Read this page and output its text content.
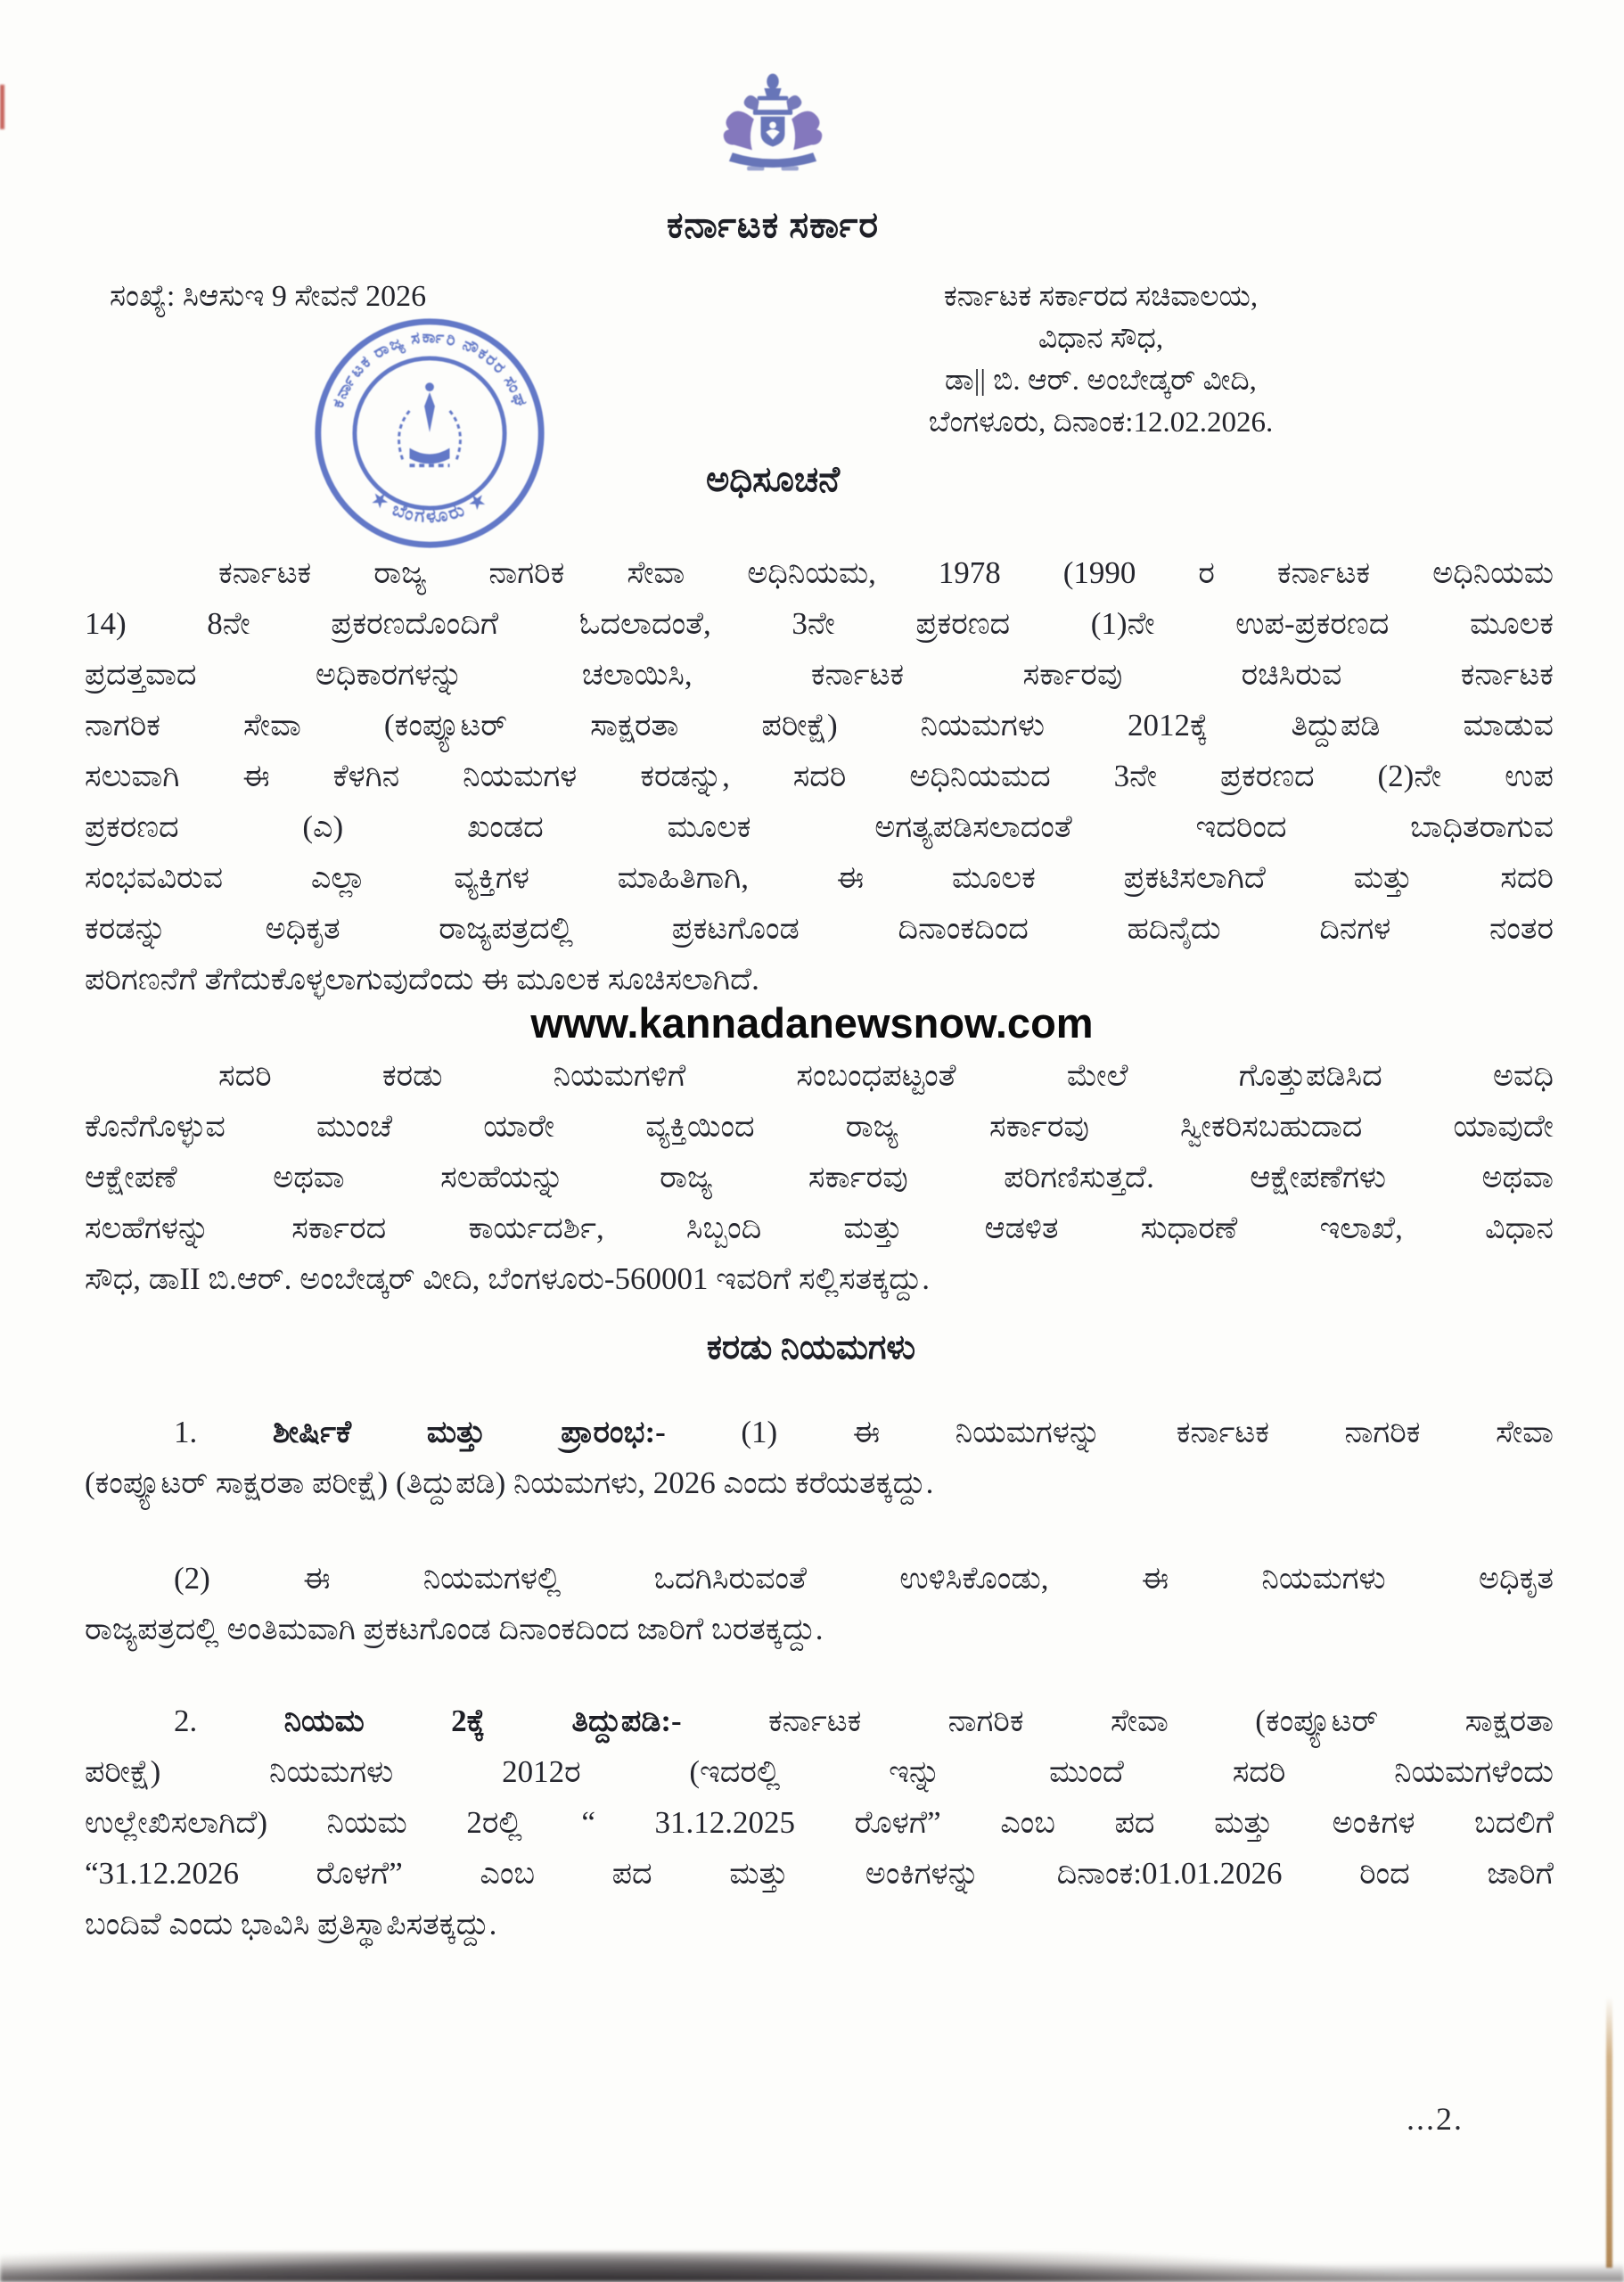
ಕರ್ನಾಟಕ ಸರ್ಕಾರ
ಸಂಖ್ಯೆ: ಸಿಆಸುಇ 9 ಸೇವನೆ 2026	ಕರ್ನಾಟಕ ಸರ್ಕಾರದ ಸಚಿವಾಲಯ,
ವಿಧಾನ ಸೌಧ,
ಡಾ|| ಬಿ. ಆರ್. ಅಂಬೇಡ್ಕರ್ ವೀದಿ,
ಬೆಂಗಳೂರು, ದಿನಾಂಕ:12.02.2026.
ಕರ್ನಾಟಕ ರಾಜ್ಯ ಸರ್ಕಾರಿ ನೌಕರರ ಸಂಘ
★ ಬೆಂಗಳೂರು ★
ಅಧಿಸೂಚನೆ
ಕರ್ನಾಟಕ ರಾಜ್ಯ ನಾಗರಿಕ ಸೇವಾ ಅಧಿನಿಯಮ, 1978 (1990 ರ ಕರ್ನಾಟಕ ಅಧಿನಿಯಮ
14) 8ನೇ ಪ್ರಕರಣದೊಂದಿಗೆ ಓದಲಾದಂತೆ, 3ನೇ ಪ್ರಕರಣದ (1)ನೇ ಉಪ-ಪ್ರಕರಣದ ಮೂಲಕ
ಪ್ರದತ್ತವಾದ ಅಧಿಕಾರಗಳನ್ನು ಚಲಾಯಿಸಿ, ಕರ್ನಾಟಕ ಸರ್ಕಾರವು ರಚಿಸಿರುವ ಕರ್ನಾಟಕ
ನಾಗರಿಕ ಸೇವಾ (ಕಂಪ್ಯೂಟರ್ ಸಾಕ್ಷರತಾ ಪರೀಕ್ಷೆ) ನಿಯಮಗಳು 2012ಕ್ಕೆ ತಿದ್ದುಪಡಿ ಮಾಡುವ
ಸಲುವಾಗಿ ಈ ಕೆಳಗಿನ ನಿಯಮಗಳ ಕರಡನ್ನು, ಸದರಿ ಅಧಿನಿಯಮದ 3ನೇ ಪ್ರಕರಣದ (2)ನೇ ಉಪ
ಪ್ರಕರಣದ (ಎ) ಖಂಡದ ಮೂಲಕ ಅಗತ್ಯಪಡಿಸಲಾದಂತೆ ಇದರಿಂದ ಬಾಧಿತರಾಗುವ
ಸಂಭವವಿರುವ ಎಲ್ಲಾ ವ್ಯಕ್ತಿಗಳ ಮಾಹಿತಿಗಾಗಿ, ಈ ಮೂಲಕ ಪ್ರಕಟಿಸಲಾಗಿದೆ ಮತ್ತು ಸದರಿ
ಕರಡನ್ನು ಅಧಿಕೃತ ರಾಜ್ಯಪತ್ರದಲ್ಲಿ ಪ್ರಕಟಗೊಂಡ ದಿನಾಂಕದಿಂದ ಹದಿನೈದು ದಿನಗಳ ನಂತರ
ಪರಿಗಣನೆಗೆ ತೆಗೆದುಕೊಳ್ಳಲಾಗುವುದೆಂದು ಈ ಮೂಲಕ ಸೂಚಿಸಲಾಗಿದೆ.
www.kannadanewsnow.com
ಸದರಿ ಕರಡು ನಿಯಮಗಳಿಗೆ ಸಂಬಂಧಪಟ್ಟಂತೆ ಮೇಲೆ ಗೊತ್ತುಪಡಿಸಿದ ಅವಧಿ
ಕೊನೆಗೊಳ್ಳುವ ಮುಂಚೆ ಯಾರೇ ವ್ಯಕ್ತಿಯಿಂದ ರಾಜ್ಯ ಸರ್ಕಾರವು ಸ್ವೀಕರಿಸಬಹುದಾದ ಯಾವುದೇ
ಆಕ್ಷೇಪಣೆ ಅಥವಾ ಸಲಹೆಯನ್ನು ರಾಜ್ಯ ಸರ್ಕಾರವು ಪರಿಗಣಿಸುತ್ತದೆ. ಆಕ್ಷೇಪಣೆಗಳು ಅಥವಾ
ಸಲಹೆಗಳನ್ನು ಸರ್ಕಾರದ ಕಾರ್ಯದರ್ಶಿ, ಸಿಬ್ಬಂದಿ ಮತ್ತು ಆಡಳಿತ ಸುಧಾರಣೆ ಇಲಾಖೆ, ವಿಧಾನ
ಸೌಧ, ಡಾII ಬಿ.ಆರ್. ಅಂಬೇಡ್ಕರ್ ವೀದಿ, ಬೆಂಗಳೂರು-560001 ಇವರಿಗೆ ಸಲ್ಲಿಸತಕ್ಕದ್ದು.
ಕರಡು ನಿಯಮಗಳು
1. ಶೀರ್ಷಿಕೆ ಮತ್ತು ಪ್ರಾರಂಭ:- (1) ಈ ನಿಯಮಗಳನ್ನು ಕರ್ನಾಟಕ ನಾಗರಿಕ ಸೇವಾ
(ಕಂಪ್ಯೂಟರ್ ಸಾಕ್ಷರತಾ ಪರೀಕ್ಷೆ) (ತಿದ್ದುಪಡಿ) ನಿಯಮಗಳು, 2026 ಎಂದು ಕರೆಯತಕ್ಕದ್ದು.
(2) ಈ ನಿಯಮಗಳಲ್ಲಿ ಒದಗಿಸಿರುವಂತೆ ಉಳಿಸಿಕೊಂಡು, ಈ ನಿಯಮಗಳು ಅಧಿಕೃತ
ರಾಜ್ಯಪತ್ರದಲ್ಲಿ ಅಂತಿಮವಾಗಿ ಪ್ರಕಟಗೊಂಡ ದಿನಾಂಕದಿಂದ ಜಾರಿಗೆ ಬರತಕ್ಕದ್ದು.
2.	ನಿಯಮ 2ಕ್ಕೆ ತಿದ್ದುಪಡಿ:-	ಕರ್ನಾಟಕ ನಾಗರಿಕ ಸೇವಾ (ಕಂಪ್ಯೂಟರ್ ಸಾಕ್ಷರತಾ
ಪರೀಕ್ಷೆ) ನಿಯಮಗಳು 2012ರ (ಇದರಲ್ಲಿ ಇನ್ನು ಮುಂದೆ ಸದರಿ ನಿಯಮಗಳೆಂದು
ಉಲ್ಲೇಖಿಸಲಾಗಿದೆ) ನಿಯಮ 2ರಲ್ಲಿ “ 31.12.2025 ರೊಳಗೆ” ಎಂಬ ಪದ ಮತ್ತು ಅಂಕಿಗಳ ಬದಲಿಗೆ
“31.12.2026 ರೊಳಗೆ” ಎಂಬ ಪದ ಮತ್ತು ಅಂಕಿಗಳನ್ನು ದಿನಾಂಕ:01.01.2026 ರಿಂದ ಜಾರಿಗೆ
ಬಂದಿವೆ ಎಂದು ಭಾವಿಸಿ ಪ್ರತಿಸ್ಥಾಪಿಸತಕ್ಕದ್ದು.
...2.
